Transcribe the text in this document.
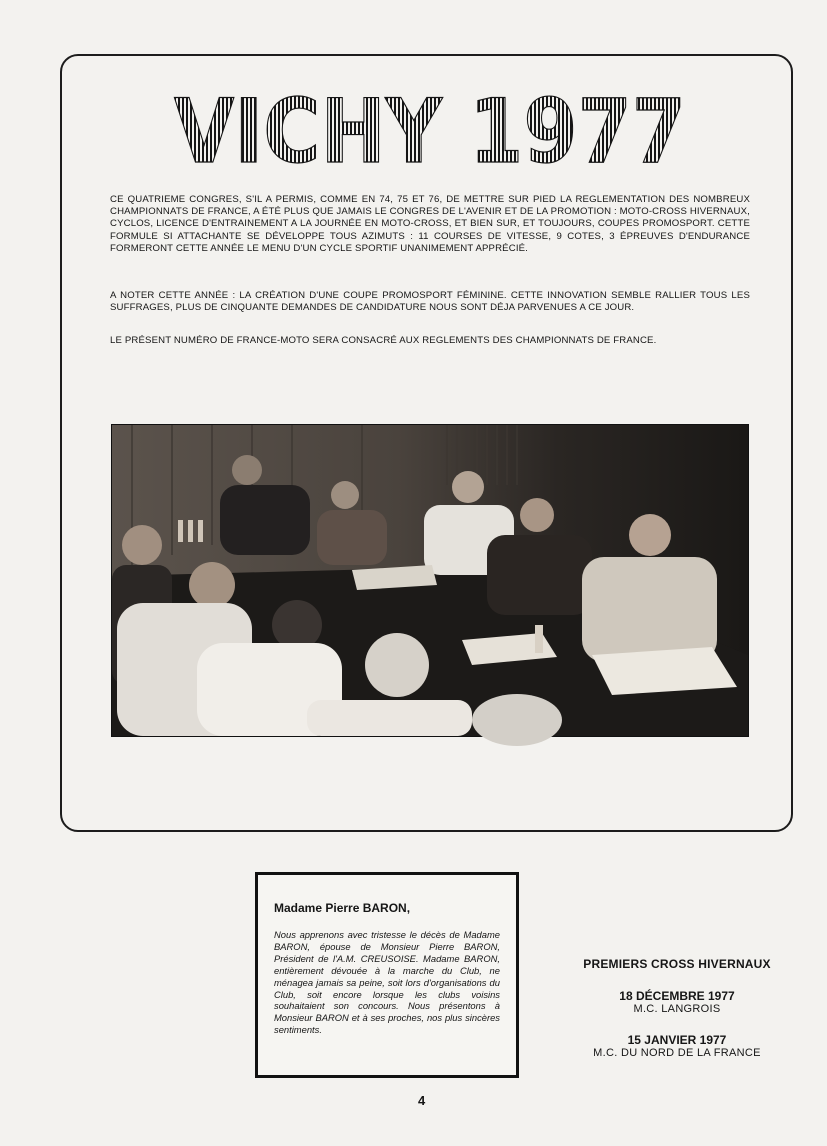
VICHY 1977

CE QUATRIEME CONGRES, S'IL A PERMIS, COMME EN 74, 75 ET 76, DE METTRE SUR PIED LA REGLEMENTATION DES NOMBREUX CHAMPIONNATS DE FRANCE, A ÉTÉ PLUS QUE JAMAIS LE CONGRES DE L'AVENIR ET DE LA PROMOTION : MOTO-CROSS HIVERNAUX, CYCLOS, LICENCE D'ENTRAINEMENT A LA JOURNÉE EN MOTO-CROSS, ET BIEN SUR, ET TOUJOURS, COUPES PROMOSPORT. CETTE FORMULE SI ATTACHANTE SE DÉVELOPPE TOUS AZIMUTS : 11 COURSES DE VITESSE, 9 COTES, 3 ÉPREUVES D'ENDURANCE FORMERONT CETTE ANNÉE LE MENU D'UN CYCLE SPORTIF UNANIMEMENT APPRÉCIÉ.

A NOTER CETTE ANNÉE : LA CRÉATION D'UNE COUPE PROMOSPORT FÉMININE. CETTE INNOVATION SEMBLE RALLIER TOUS LES SUFFRAGES, PLUS DE CINQUANTE DEMANDES DE CANDIDATURE NOUS SONT DÉJA PARVENUES A CE JOUR.

LE PRÉSENT NUMÉRO DE FRANCE-MOTO SERA CONSACRÉ AUX REGLEMENTS DES CHAMPIONNATS DE FRANCE.

Madame Pierre BARON,

Nous apprenons avec tristesse le décès de Madame BARON, épouse de Monsieur Pierre BARON, Président de l'A.M. CREUSOISE. Madame BARON, entièrement dévouée à la marche du Club, ne ménagea jamais sa peine, soit lors d'organisations du Club, soit encore lorsque les clubs voisins souhaitaient son concours. Nous présentons à Monsieur BARON et à ses proches, nos plus sincères sentiments.

PREMIERS CROSS HIVERNAUX
18 DÉCEMBRE 1977
M.C. LANGROIS
15 JANVIER 1977
M.C. DU NORD DE LA FRANCE
4
